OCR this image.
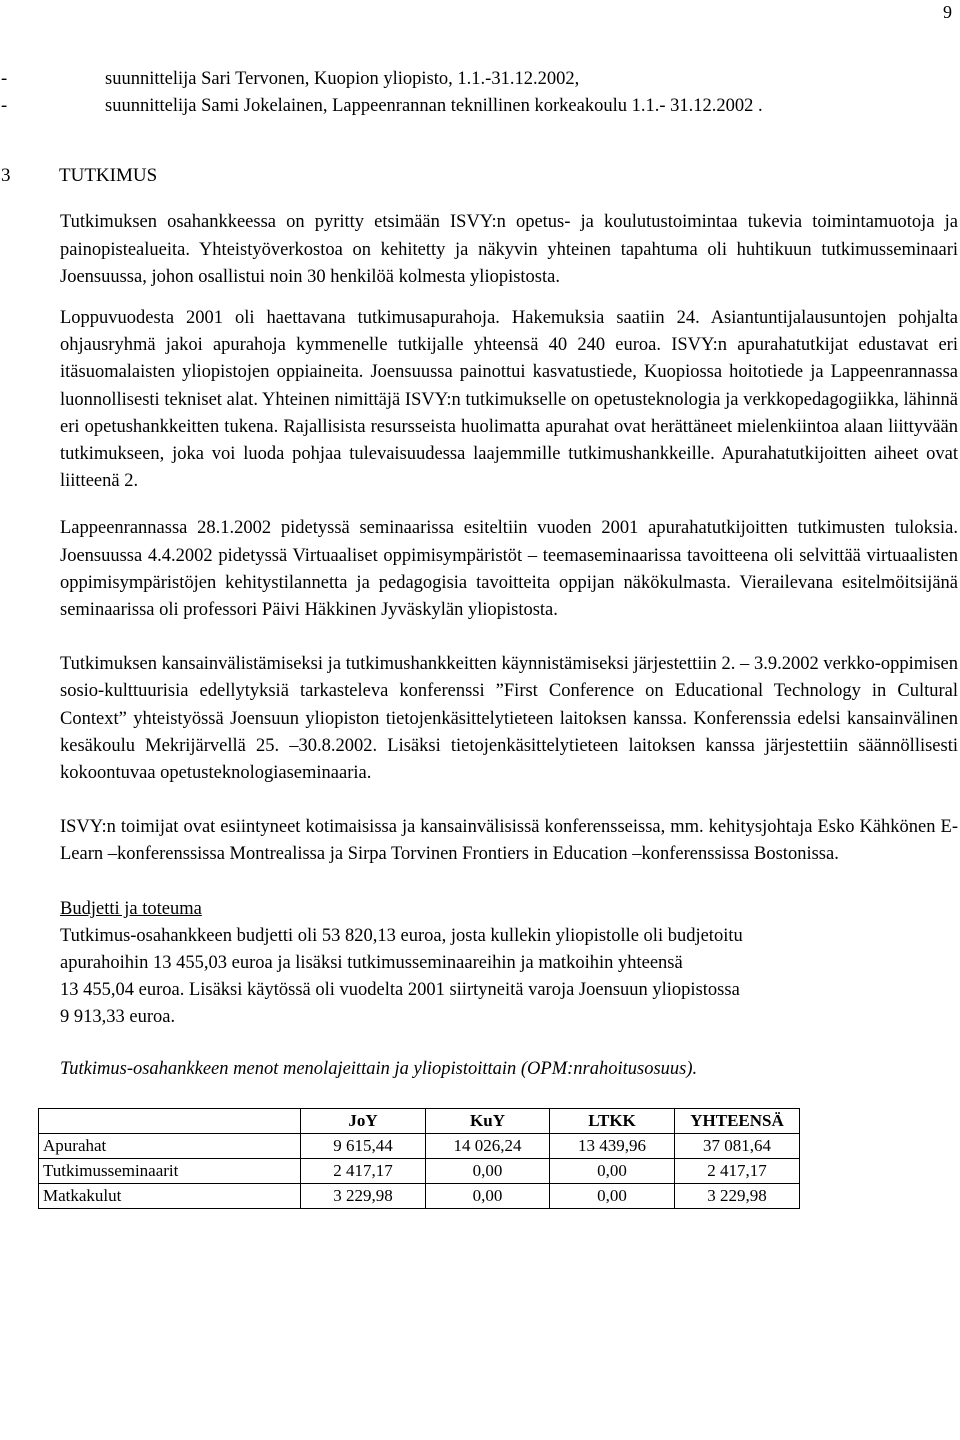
9

-	suunnittelija Sari Tervonen, Kuopion yliopisto, 1.1.-31.12.2002,
-	suunnittelija Sami Jokelainen, Lappeenrannan teknillinen korkeakoulu 1.1.- 31.12.2002 .

3	TUTKIMUS

Tutkimuksen osahankkeessa on pyritty etsimään ISVY:n opetus- ja koulutustoimintaa tukevia toimintamuotoja ja painopistealueita. Yhteistyöverkostoa on kehitetty ja näkyvin yhteinen tapahtuma oli huhtikuun tutkimusseminaari Joensuussa, johon osallistui noin 30 henkilöä kolmesta yliopistosta.

Loppuvuodesta 2001 oli haettavana tutkimusapurahoja. Hakemuksia saatiin 24. Asiantuntijalausuntojen pohjalta ohjausryhmä jakoi apurahoja kymmenelle tutkijalle yhteensä 40 240 euroa. ISVY:n apurahatutkijat edustavat eri itäsuomalaisten yliopistojen oppiaineita. Joensuussa painottui kasvatustiede, Kuopiossa hoitotiede ja Lappeenrannassa luonnollisesti tekniset alat. Yhteinen nimittäjä ISVY:n tutkimukselle on opetusteknologia ja verkkopedagogiikka, lähinnä eri opetushankkeitten tukena. Rajallisista resursseista huolimatta apurahat ovat herättäneet mielenkiintoa alaan liittyvään tutkimukseen, joka voi luoda pohjaa tulevaisuudessa laajemmille tutkimushankkeille. Apurahatutkijoitten aiheet ovat liitteenä 2.

Lappeenrannassa 28.1.2002 pidetyssä seminaarissa esiteltiin vuoden 2001 apurahatutkijoitten tutkimusten tuloksia. Joensuussa 4.4.2002 pidetyssä Virtuaaliset oppimisympäristöt – teemaseminaarissa tavoitteena oli selvittää virtuaalisten oppimisympäristöjen kehitystilannetta ja pedagogisia tavoitteita oppijan näkökulmasta. Vierailevana esitelmöitsijänä seminaarissa oli professori Päivi Häkkinen Jyväskylän yliopistosta.

Tutkimuksen kansainvälistämiseksi ja tutkimushankkeitten käynnistämiseksi järjestettiin 2. – 3.9.2002 verkko-oppimisen sosio-kulttuurisia edellytyksiä tarkasteleva konferenssi ”First Conference on Educational Technology in Cultural Context” yhteistyössä Joensuun yliopiston tietojenkäsittelytieteen laitoksen kanssa. Konferenssia edelsi kansainvälinen kesäkoulu Mekrijärvellä 25. –30.8.2002. Lisäksi tietojenkäsittelytieteen laitoksen kanssa järjestettiin säännöllisesti kokoontuvaa opetusteknologiaseminaaria.

ISVY:n toimijat ovat esiintyneet kotimaisissa ja kansainvälisissä konferensseissa, mm. kehitysjohtaja Esko Kähkönen E-Learn –konferenssissa Montrealissa ja Sirpa Torvinen Frontiers in Education –konferenssissa Bostonissa.

Budjetti ja toteuma

Tutkimus-osahankkeen budjetti oli 53 820,13 euroa, josta kullekin yliopistolle oli budjetoitu

apurahoihin 13 455,03 euroa ja lisäksi tutkimusseminaareihin ja matkoihin yhteensä

13 455,04 euroa. Lisäksi käytössä oli vuodelta 2001 siirtyneitä varoja Joensuun yliopistossa

9 913,33 euroa.

Tutkimus-osahankkeen menot menolajeittain ja yliopistoittain (OPM:nrahoitusosuus).

	JoY	KuY	LTKK	YHTEENSÄ
Apurahat	9 615,44	14 026,24	13 439,96	37 081,64
Tutkimusseminaarit	2 417,17	0,00	0,00	2 417,17
Matkakulut	3 229,98	0,00	0,00	3 229,98
